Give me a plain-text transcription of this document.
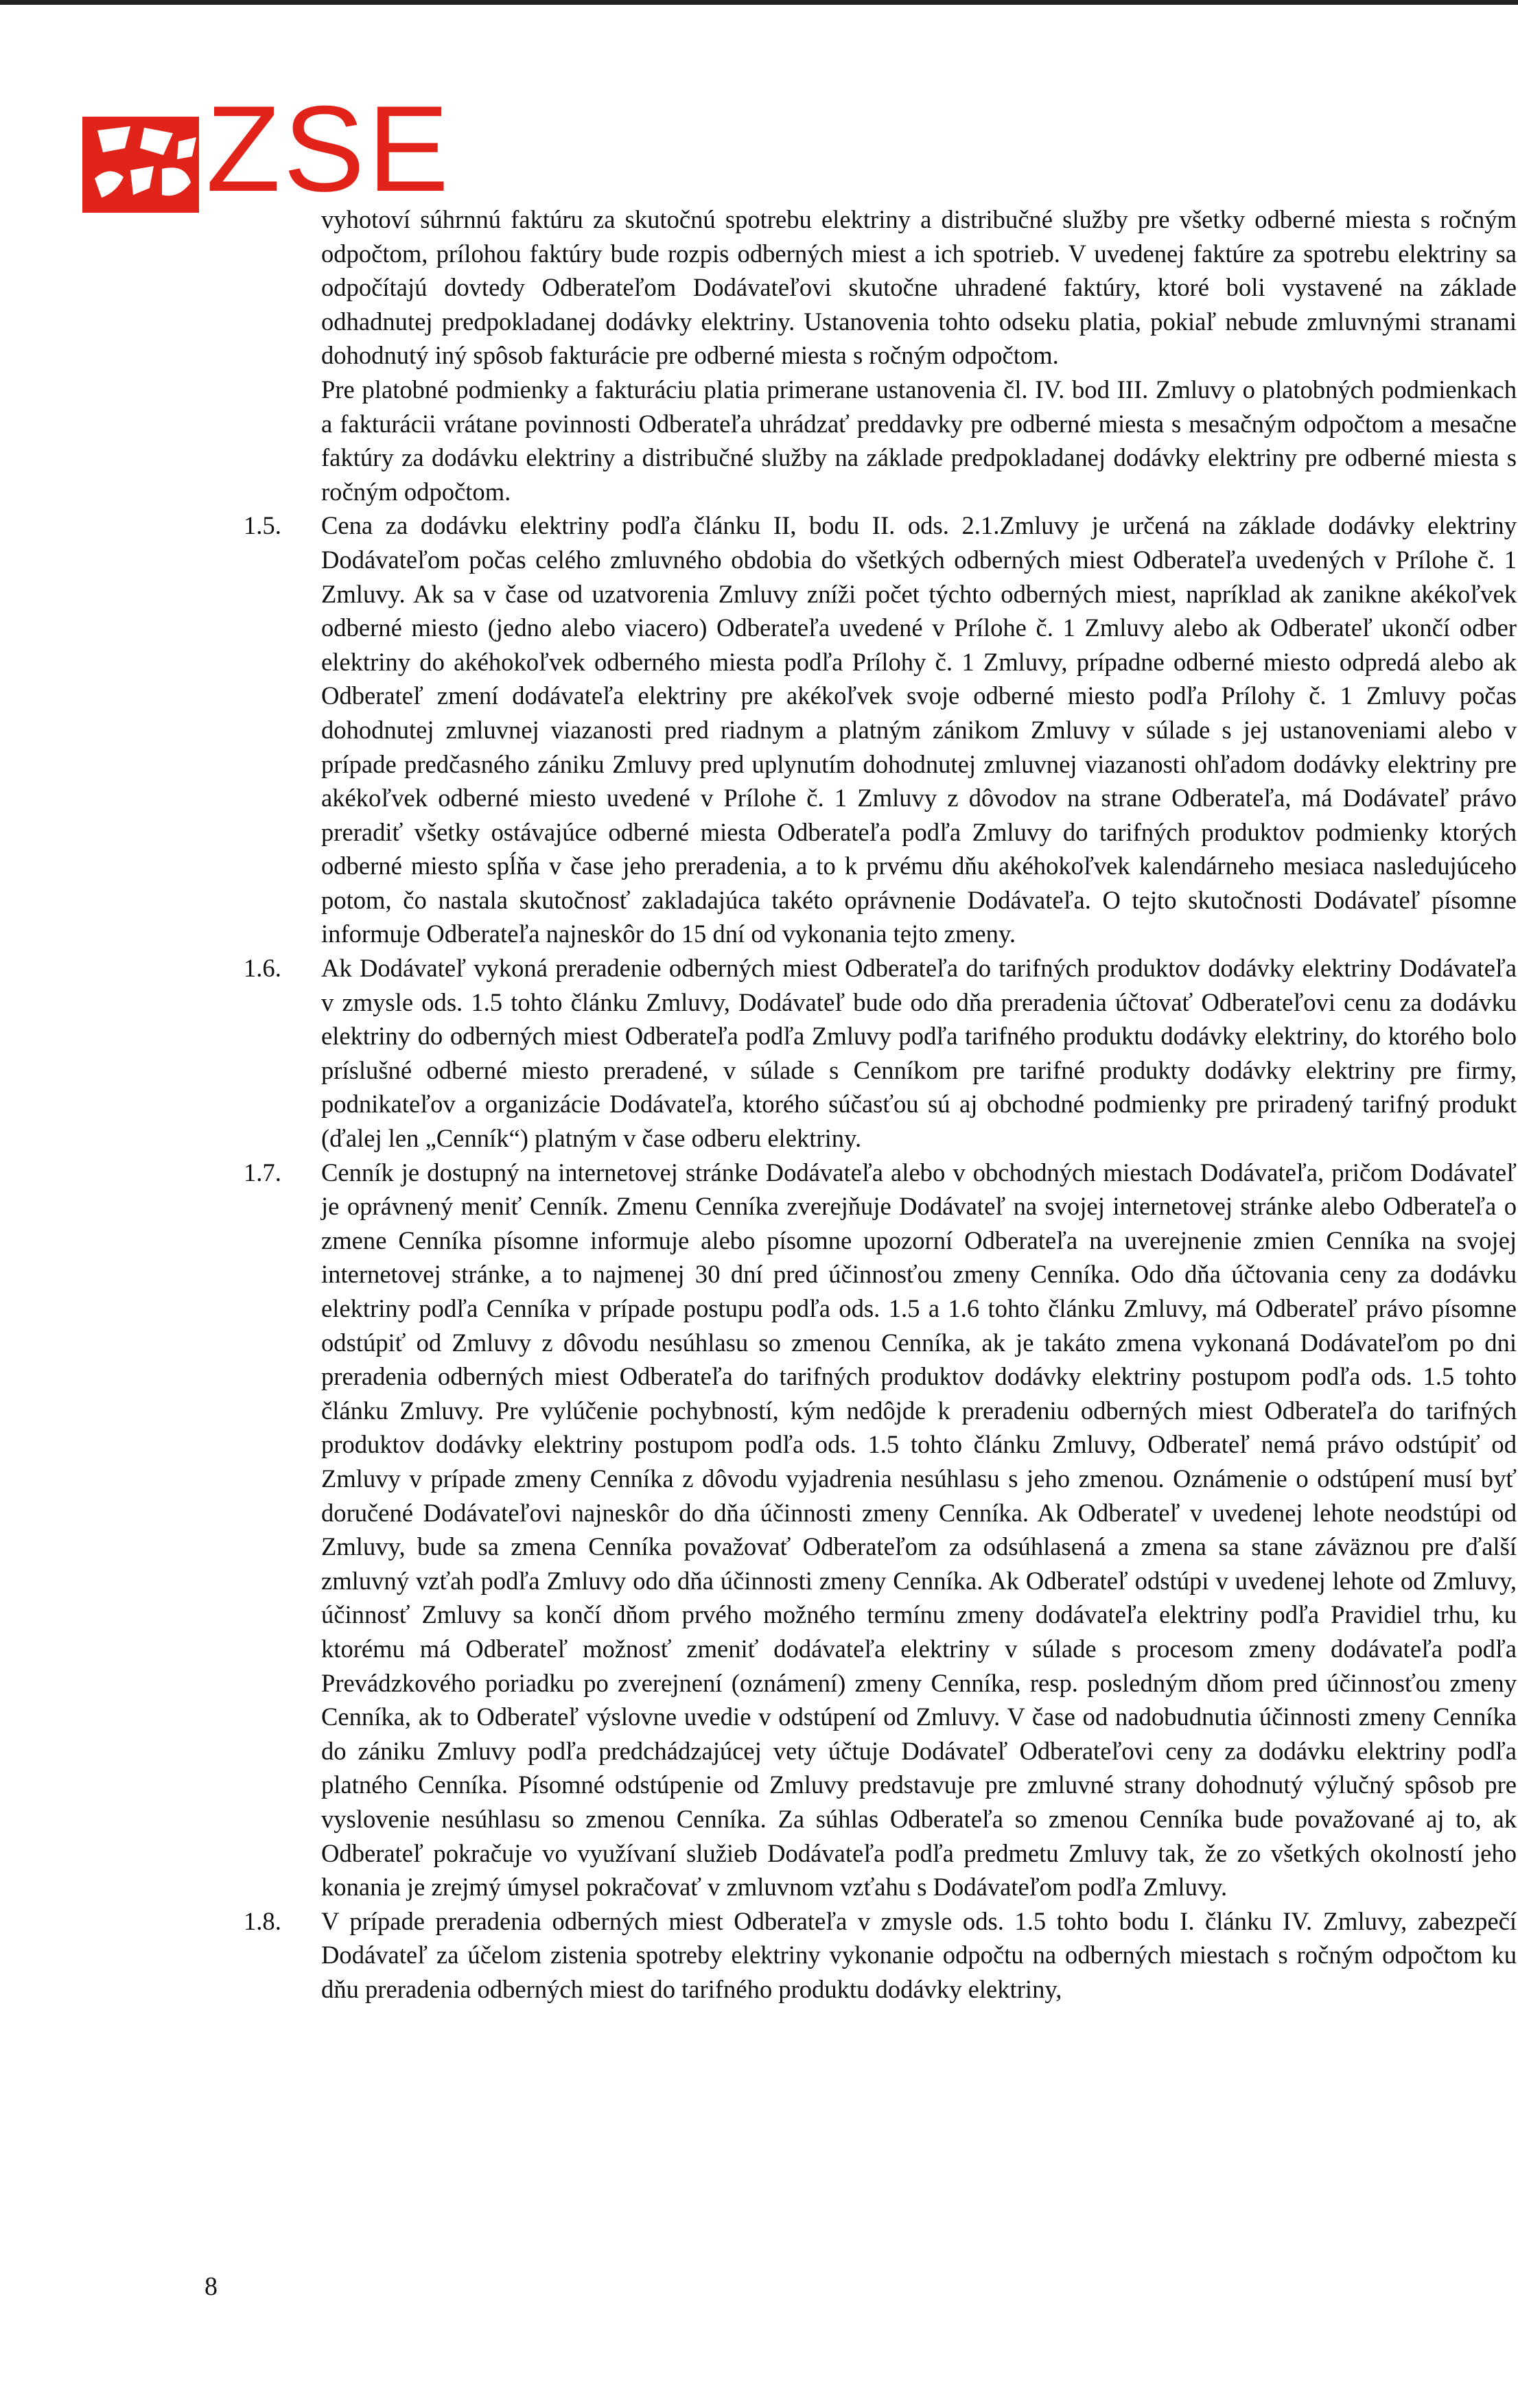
ZSE
vyhotoví súhrnnú faktúru za skutočnú spotrebu elektriny a distribučné služby pre všetky odberné miesta s ročným odpočtom, prílohou faktúry bude rozpis odberných miest a ich spotrieb. V uvedenej faktúre za spotrebu elektriny sa odpočítajú dovtedy Odberateľom Dodávateľovi skutočne uhradené faktúry, ktoré boli vystavené na základe odhadnutej predpokladanej dodávky elektriny. Ustanovenia tohto odseku platia, pokiaľ nebude zmluvnými stranami dohodnutý iný spôsob fakturácie pre odberné miesta s ročným odpočtom.
Pre platobné podmienky a fakturáciu platia primerane ustanovenia čl. IV. bod III. Zmluvy o platobných podmienkach a fakturácii vrátane povinnosti Odberateľa uhrádzať preddavky pre odberné miesta s mesačným odpočtom a mesačne faktúry za dodávku elektriny a distribučné služby na základe predpokladanej dodávky elektriny pre odberné miesta s ročným odpočtom.
1.5.	Cena za dodávku elektriny podľa článku II, bodu II. ods. 2.1.Zmluvy je určená na základe dodávky elektriny Dodávateľom počas celého zmluvného obdobia do všetkých odberných miest Odberateľa uvedených v Prílohe č. 1 Zmluvy. Ak sa v čase od uzatvorenia Zmluvy zníži počet týchto odberných miest, napríklad ak zanikne akékoľvek odberné miesto (jedno alebo viacero) Odberateľa uvedené v Prílohe č. 1 Zmluvy alebo ak Odberateľ ukončí odber elektriny do akéhokoľvek odberného miesta podľa Prílohy č. 1 Zmluvy, prípadne odberné miesto odpredá alebo ak Odberateľ zmení dodávateľa elektriny pre akékoľvek svoje odberné miesto podľa Prílohy č. 1 Zmluvy počas dohodnutej zmluvnej viazanosti pred riadnym a platným zánikom Zmluvy v súlade s jej ustanoveniami alebo v prípade predčasného zániku Zmluvy pred uplynutím dohodnutej zmluvnej viazanosti ohľadom dodávky elektriny pre akékoľvek odberné miesto uvedené v Prílohe č. 1 Zmluvy z dôvodov na strane Odberateľa, má Dodávateľ právo preradiť všetky ostávajúce odberné miesta Odberateľa podľa Zmluvy do tarifných produktov podmienky ktorých odberné miesto spĺňa v čase jeho preradenia, a to k prvému dňu akéhokoľvek kalendárneho mesiaca nasledujúceho potom, čo nastala skutočnosť zakladajúca takéto oprávnenie Dodávateľa. O tejto skutočnosti Dodávateľ písomne informuje Odberateľa najneskôr do 15 dní od vykonania tejto zmeny.
1.6.	Ak Dodávateľ vykoná preradenie odberných miest Odberateľa do tarifných produktov dodávky elektriny Dodávateľa v zmysle ods. 1.5 tohto článku Zmluvy, Dodávateľ bude odo dňa preradenia účtovať Odberateľovi cenu za dodávku elektriny do odberných miest Odberateľa podľa Zmluvy podľa tarifného produktu dodávky elektriny, do ktorého bolo príslušné odberné miesto preradené, v súlade s Cenníkom pre tarifné produkty dodávky elektriny pre firmy, podnikateľov a organizácie Dodávateľa, ktorého súčasťou sú aj obchodné podmienky pre priradený tarifný produkt (ďalej len „Cenník“) platným v čase odberu elektriny.
1.7.	Cenník je dostupný na internetovej stránke Dodávateľa alebo v obchodných miestach Dodávateľa, pričom Dodávateľ je oprávnený meniť Cenník. Zmenu Cenníka zverejňuje Dodávateľ na svojej internetovej stránke alebo Odberateľa o zmene Cenníka písomne informuje alebo písomne upozorní Odberateľa na uverejnenie zmien Cenníka na svojej internetovej stránke, a to najmenej 30 dní pred účinnosťou zmeny Cenníka. Odo dňa účtovania ceny za dodávku elektriny podľa Cenníka v prípade postupu podľa ods. 1.5 a 1.6 tohto článku Zmluvy, má Odberateľ právo písomne odstúpiť od Zmluvy z dôvodu nesúhlasu so zmenou Cenníka, ak je takáto zmena vykonaná Dodávateľom po dni preradenia odberných miest Odberateľa do tarifných produktov dodávky elektriny postupom podľa ods. 1.5 tohto článku Zmluvy. Pre vylúčenie pochybností, kým nedôjde k preradeniu odberných miest Odberateľa do tarifných produktov dodávky elektriny postupom podľa ods. 1.5 tohto článku Zmluvy, Odberateľ nemá právo odstúpiť od Zmluvy v prípade zmeny Cenníka z dôvodu vyjadrenia nesúhlasu s jeho zmenou. Oznámenie o odstúpení musí byť doručené Dodávateľovi najneskôr do dňa účinnosti zmeny Cenníka. Ak Odberateľ v uvedenej lehote neodstúpi od Zmluvy, bude sa zmena Cenníka považovať Odberateľom za odsúhlasená a zmena sa stane záväznou pre ďalší zmluvný vzťah podľa Zmluvy odo dňa účinnosti zmeny Cenníka. Ak Odberateľ odstúpi v uvedenej lehote od Zmluvy, účinnosť Zmluvy sa končí dňom prvého možného termínu zmeny dodávateľa elektriny podľa Pravidiel trhu, ku ktorému má Odberateľ možnosť zmeniť dodávateľa elektriny v súlade s procesom zmeny dodávateľa podľa Prevádzkového poriadku po zverejnení (oznámení) zmeny Cenníka, resp. posledným dňom pred účinnosťou zmeny Cenníka, ak to Odberateľ výslovne uvedie v odstúpení od Zmluvy. V čase od nadobudnutia účinnosti zmeny Cenníka do zániku Zmluvy podľa predchádzajúcej vety účtuje Dodávateľ Odberateľovi ceny za dodávku elektriny podľa platného Cenníka. Písomné odstúpenie od Zmluvy predstavuje pre zmluvné strany dohodnutý výlučný spôsob pre vyslovenie nesúhlasu so zmenou Cenníka. Za súhlas Odberateľa so zmenou Cenníka bude považované aj to, ak Odberateľ pokračuje vo využívaní služieb Dodávateľa podľa predmetu Zmluvy tak, že zo všetkých okolností jeho konania je zrejmý úmysel pokračovať v zmluvnom vzťahu s Dodávateľom podľa Zmluvy.
1.8.	V prípade preradenia odberných miest Odberateľa v zmysle ods. 1.5 tohto bodu I. článku IV. Zmluvy, zabezpečí Dodávateľ za účelom zistenia spotreby elektriny vykonanie odpočtu na odberných miestach s ročným odpočtom ku dňu preradenia odberných miest do tarifného produktu dodávky elektriny,
8
